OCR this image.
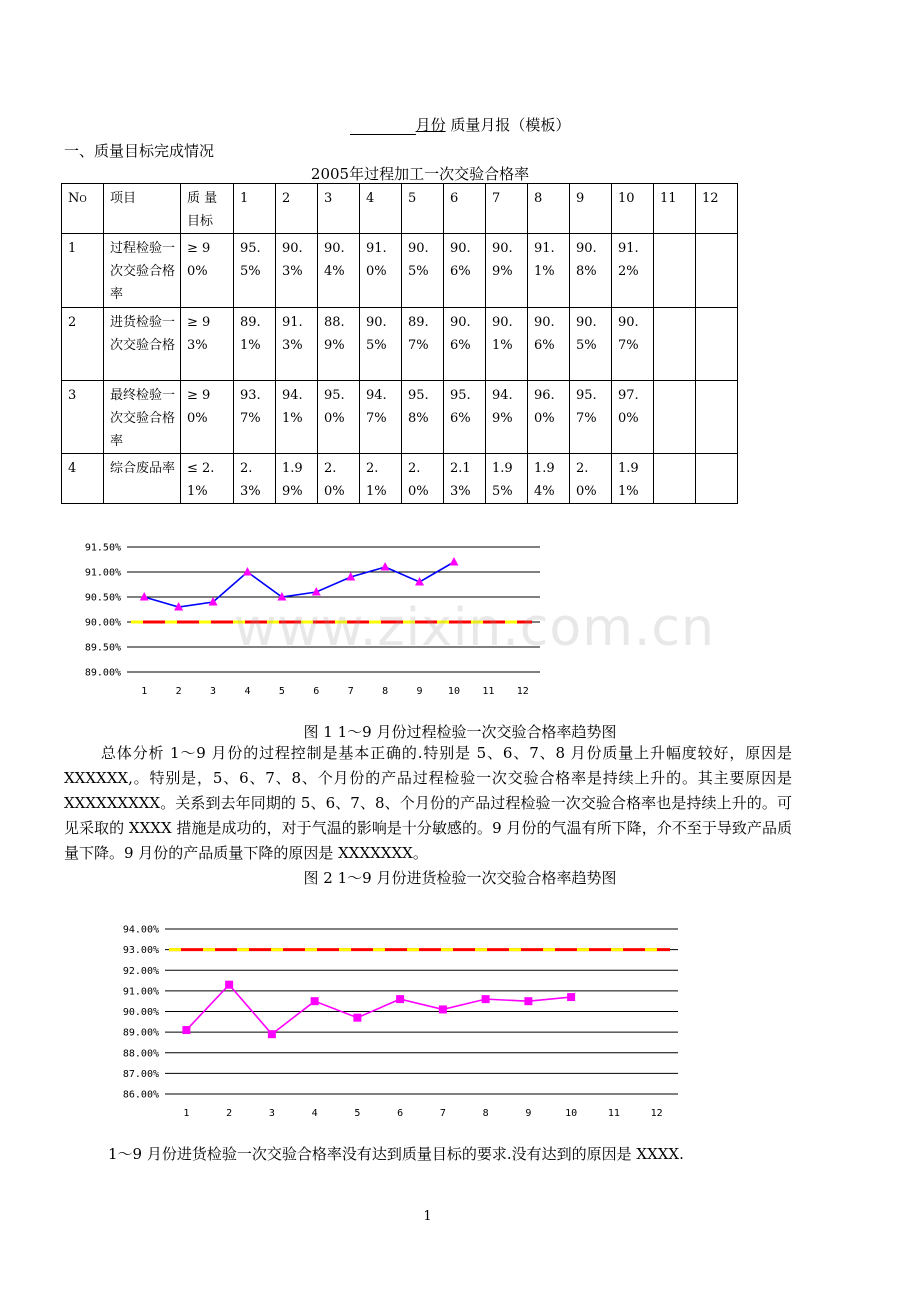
月份 质量月报（模板）
一、质量目标完成情况
2005年过程加工一次交验合格率
NO	项目	质 量目标	1	2	3	4	5	6	7	8	9	10	11	12
1	过程检验一次交验合格率	≥ 90%	95.5%	90.3%	90.4%	91.0%	90.5%	90.6%	90.9%	91.1%	90.8%	91.2%		
2	进货检验一次交验合格	≥ 93%	89.1%	91.3%	88.9%	90.5%	89.7%	90.6%	90.1%	90.6%	90.5%	90.7%		
3	最终检验一次交验合格率	≥ 90%	93.7%	94.1%	95.0%	94.7%	95.8%	95.6%	94.9%	96.0%	95.7%	97.0%		
4	综合废品率	≤ 2.1%	2.3%	1.99%	2.0%	2.1%	2.0%	2.13%	1.95%	1.94%	2.0%	1.91%		
91.50%
91.00%
90.50%
90.00%
89.50%
89.00%
1	2	3	4	5	6	7	8	9	10 11 12
图 1 1～9 月份过程检验一次交验合格率趋势图
总体分析 1～9 月份的过程控制是基本正确的.特别是 5、6、7、8 月份质量上升幅度较好，原因是 XXXXXX,。特别是，5、6、7、8、个月份的产品过程检验一次交验合格率是持续上升的。其主要原因是 XXXXXXXXX。关系到去年同期的 5、6、7、8、个月份的产品过程检验一次交验合格率也是持续上升的。可见采取的 XXXX 措施是成功的，对于气温的影响是十分敏感的。9 月份的气温有所下降，介不至于导致产品质量下降。9 月份的产品质量下降的原因是 XXXXXXX。
图 2 1～9 月份进货检验一次交验合格率趋势图
94.00%
93.00%
92.00%
91.00%
90.00%
89.00%
88.00%
87.00%
86.00%
1	2	3	4	5	6	7	8	9	10	11	12
1～9 月份进货检验一次交验合格率没有达到质量目标的要求.没有达到的原因是 XXXX.
1
www.zixin.com.cn
